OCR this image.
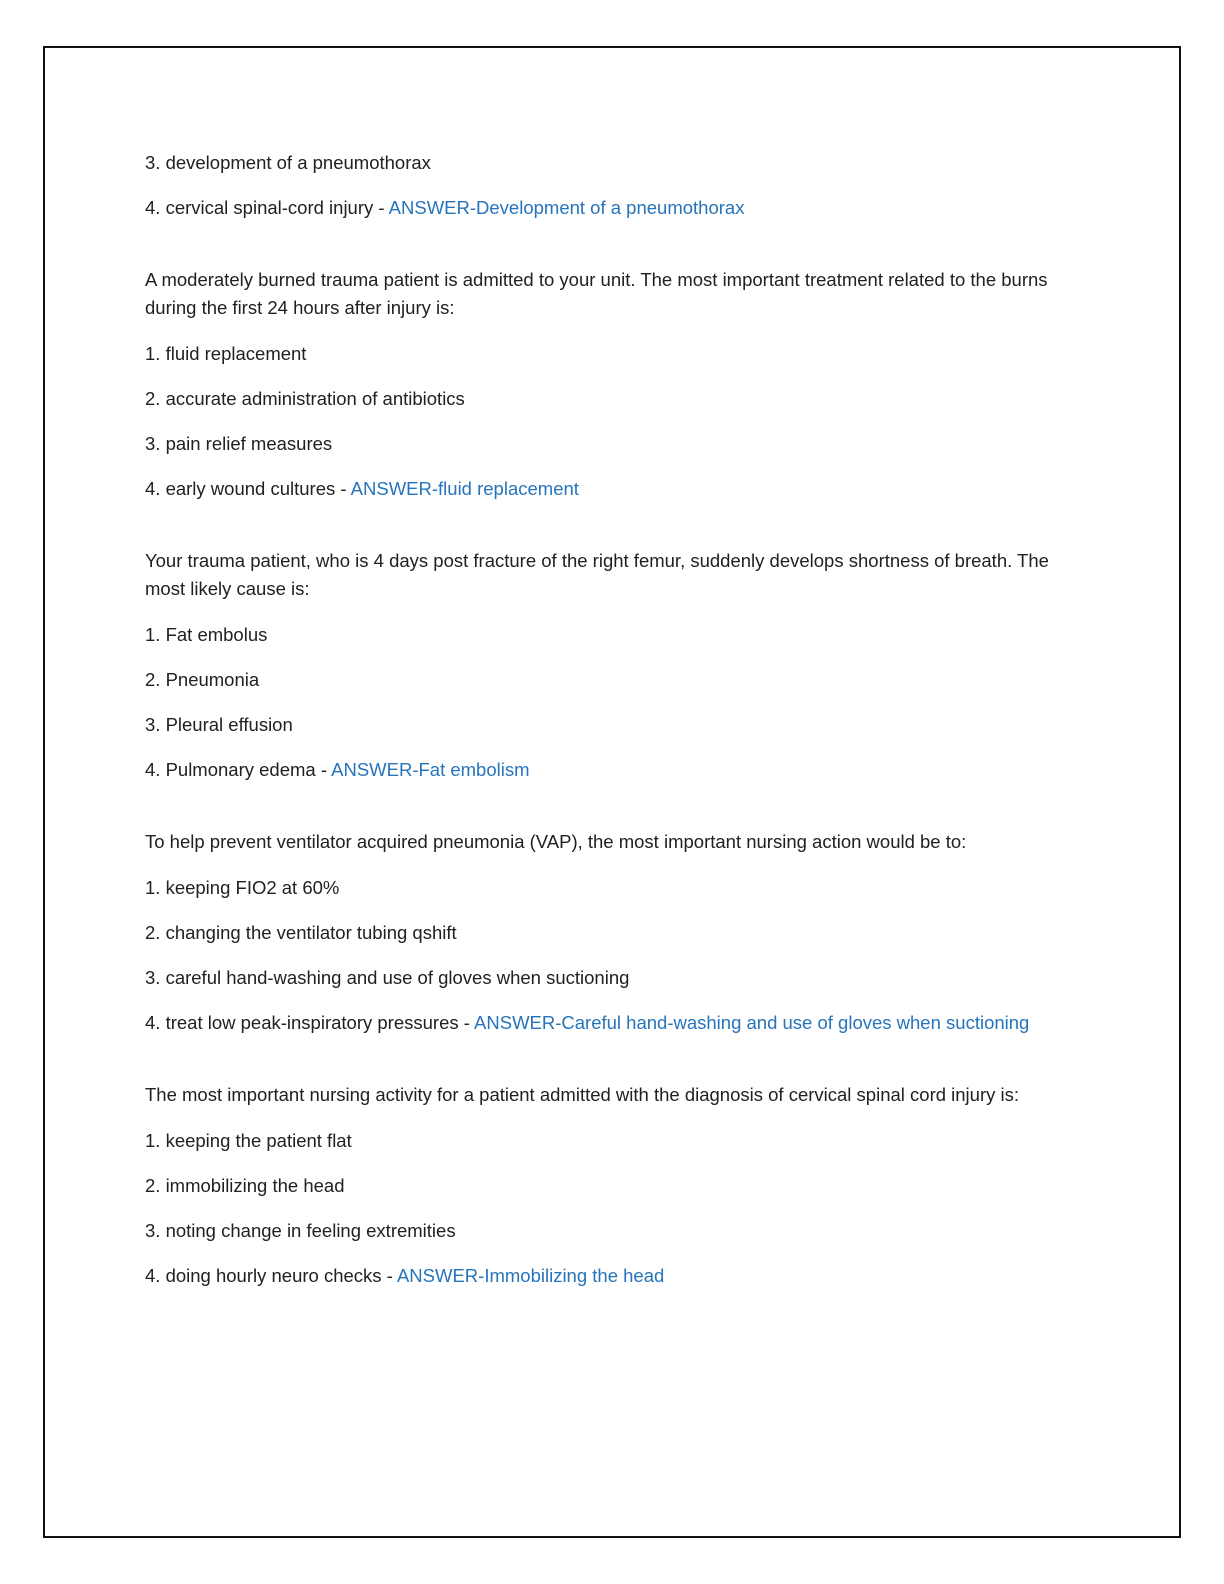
3. development of a pneumothorax

4. cervical spinal-cord injury - ANSWER-Development of a pneumothorax

A moderately burned trauma patient is admitted to your unit. The most important treatment related to the burns during the first 24 hours after injury is:

1. fluid replacement

2. accurate administration of antibiotics

3. pain relief measures

4. early wound cultures - ANSWER-fluid replacement

Your trauma patient, who is 4 days post fracture of the right femur, suddenly develops shortness of breath. The most likely cause is:

1. Fat embolus

2. Pneumonia

3. Pleural effusion

4. Pulmonary edema - ANSWER-Fat embolism

To help prevent ventilator acquired pneumonia (VAP), the most important nursing action would be to:

1. keeping FIO2 at 60%

2. changing the ventilator tubing qshift

3. careful hand-washing and use of gloves when suctioning

4. treat low peak-inspiratory pressures - ANSWER-Careful hand-washing and use of gloves when suctioning

The most important nursing activity for a patient admitted with the diagnosis of cervical spinal cord injury is:

1. keeping the patient flat

2. immobilizing the head

3. noting change in feeling extremities

4. doing hourly neuro checks - ANSWER-Immobilizing the head
